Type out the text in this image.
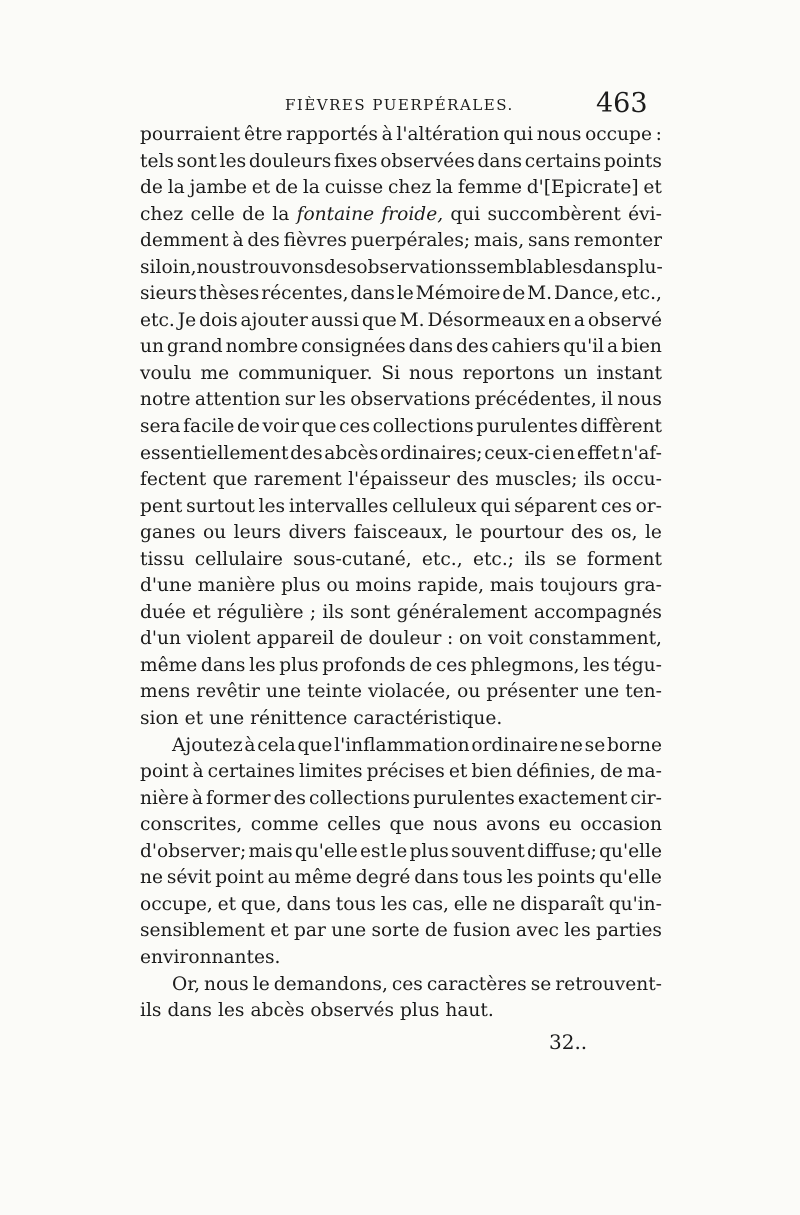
FIÈVRES PUERPÉRALES.	463
pourraient être rapportés à l'altération qui nous occupe :
tels sont les douleurs fixes observées dans certains points
de la jambe et de la cuisse chez la femme d'[Epicrate] et
chez celle de la fontaine froide, qui succombèrent évi-
demment à des fièvres puerpérales; mais, sans remonter
si loin, nous trouvons des observations semblables dans plu-
sieurs thèses récentes, dans le Mémoire de M. Dance, etc.,
etc. Je dois ajouter aussi que M. Désormeaux en a observé
un grand nombre consignées dans des cahiers qu'il a bien
voulu me communiquer. Si nous reportons un instant
notre attention sur les observations précédentes, il nous
sera facile de voir que ces collections purulentes diffèrent
essentiellement des abcès ordinaires; ceux-ci en effet n'af-
fectent que rarement l'épaisseur des muscles; ils occu-
pent surtout les intervalles celluleux qui séparent ces or-
ganes ou leurs divers faisceaux, le pourtour des os, le
tissu cellulaire sous-cutané, etc., etc.; ils se forment
d'une manière plus ou moins rapide, mais toujours gra-
duée et régulière ; ils sont généralement accompagnés
d'un violent appareil de douleur : on voit constamment,
même dans les plus profonds de ces phlegmons, les tégu-
mens revêtir une teinte violacée, ou présenter une ten-
sion et une rénittence caractéristique.
Ajoutez à cela que l'inflammation ordinaire ne se borne
point à certaines limites précises et bien définies, de ma-
nière à former des collections purulentes exactement cir-
conscrites, comme celles que nous avons eu occasion
d'observer; mais qu'elle est le plus souvent diffuse; qu'elle
ne sévit point au même degré dans tous les points qu'elle
occupe, et que, dans tous les cas, elle ne disparaît qu'in-
sensiblement et par une sorte de fusion avec les parties
environnantes.
Or, nous le demandons, ces caractères se retrouvent-
ils dans les abcès observés plus haut.
32..
